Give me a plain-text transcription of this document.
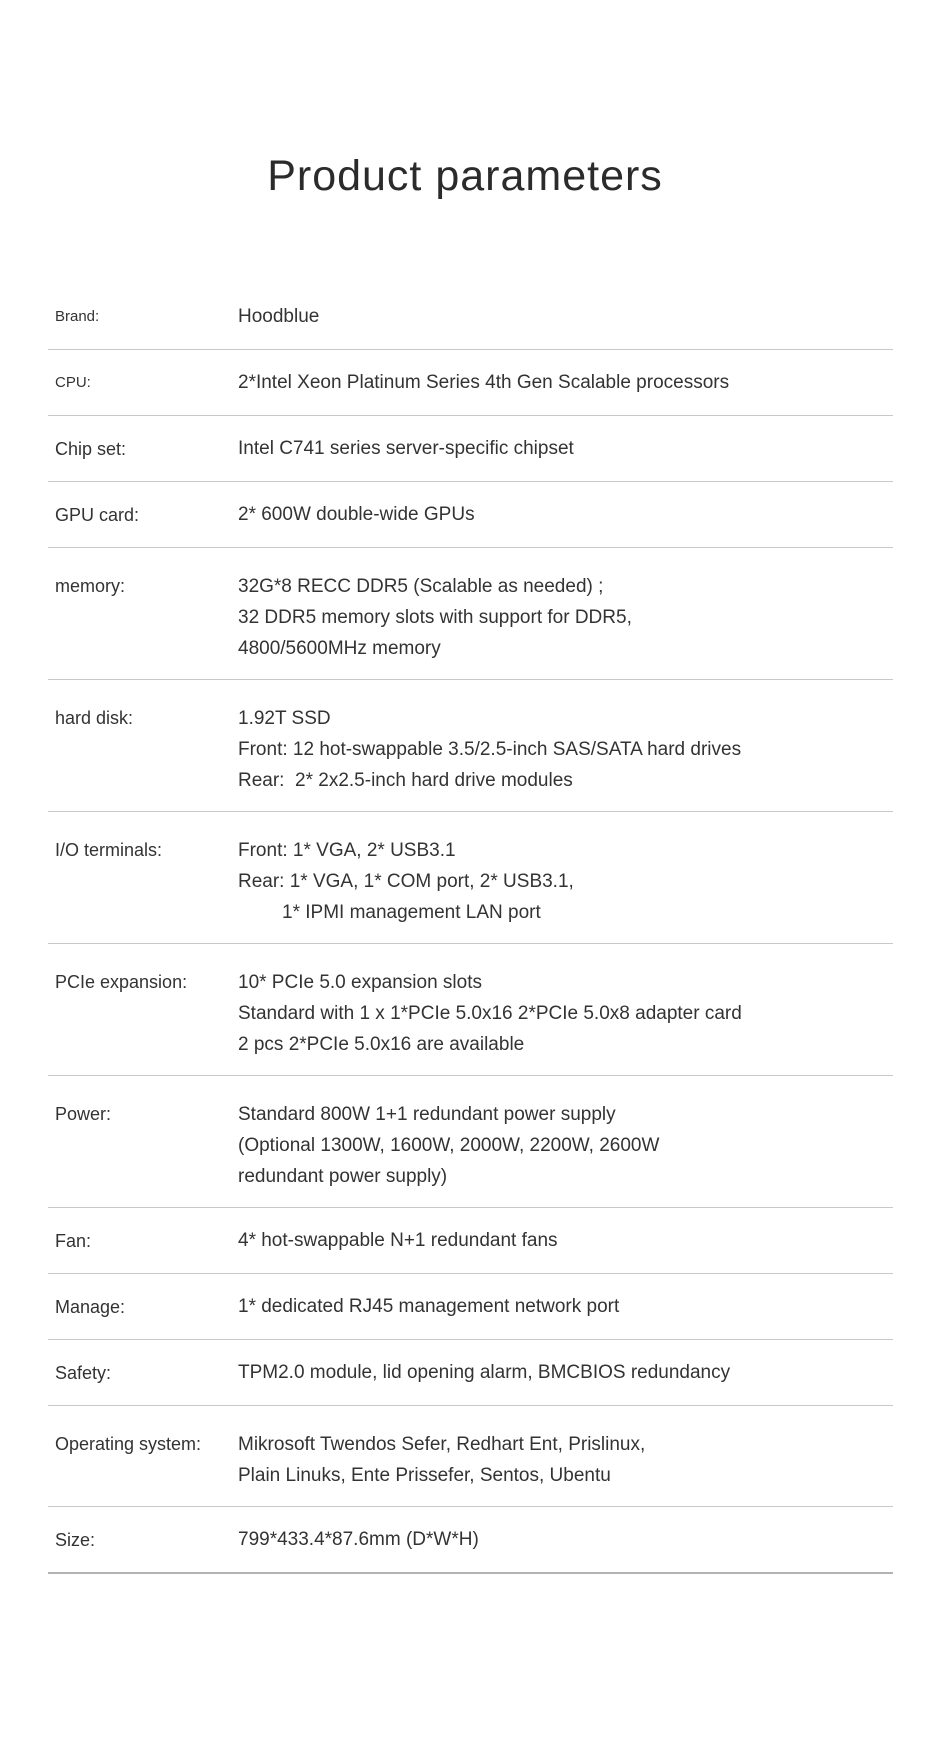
Product parameters
Brand:	Hoodblue
CPU:	2*Intel Xeon Platinum Series 4th Gen Scalable processors
Chip set:	Intel C741 series server-specific chipset
GPU card:	2* 600W double-wide GPUs
memory:	32G*8 RECC DDR5 (Scalable as needed) ;
32 DDR5 memory slots with support for DDR5,
4800/5600MHz memory
hard disk:	1.92T SSD
Front: 12 hot-swappable 3.5/2.5-inch SAS/SATA hard drives
Rear:  2* 2x2.5-inch hard drive modules
I/O terminals:	Front: 1* VGA, 2* USB3.1
Rear: 1* VGA, 1* COM port, 2* USB3.1,
1* IPMI management LAN port
PCIe expansion:	10* PCIe 5.0 expansion slots
Standard with 1 x 1*PCIe 5.0x16 2*PCIe 5.0x8 adapter card
2 pcs 2*PCIe 5.0x16 are available
Power:	Standard 800W 1+1 redundant power supply
(Optional 1300W, 1600W, 2000W, 2200W, 2600W
redundant power supply)
Fan:	4* hot-swappable N+1 redundant fans
Manage:	1* dedicated RJ45 management network port
Safety:	TPM2.0 module, lid opening alarm, BMCBIOS redundancy
Operating system:	Mikrosoft Twendos Sefer, Redhart Ent, Prislinux,
Plain Linuks, Ente Prissefer, Sentos, Ubentu
Size:	799*433.4*87.6mm (D*W*H)
